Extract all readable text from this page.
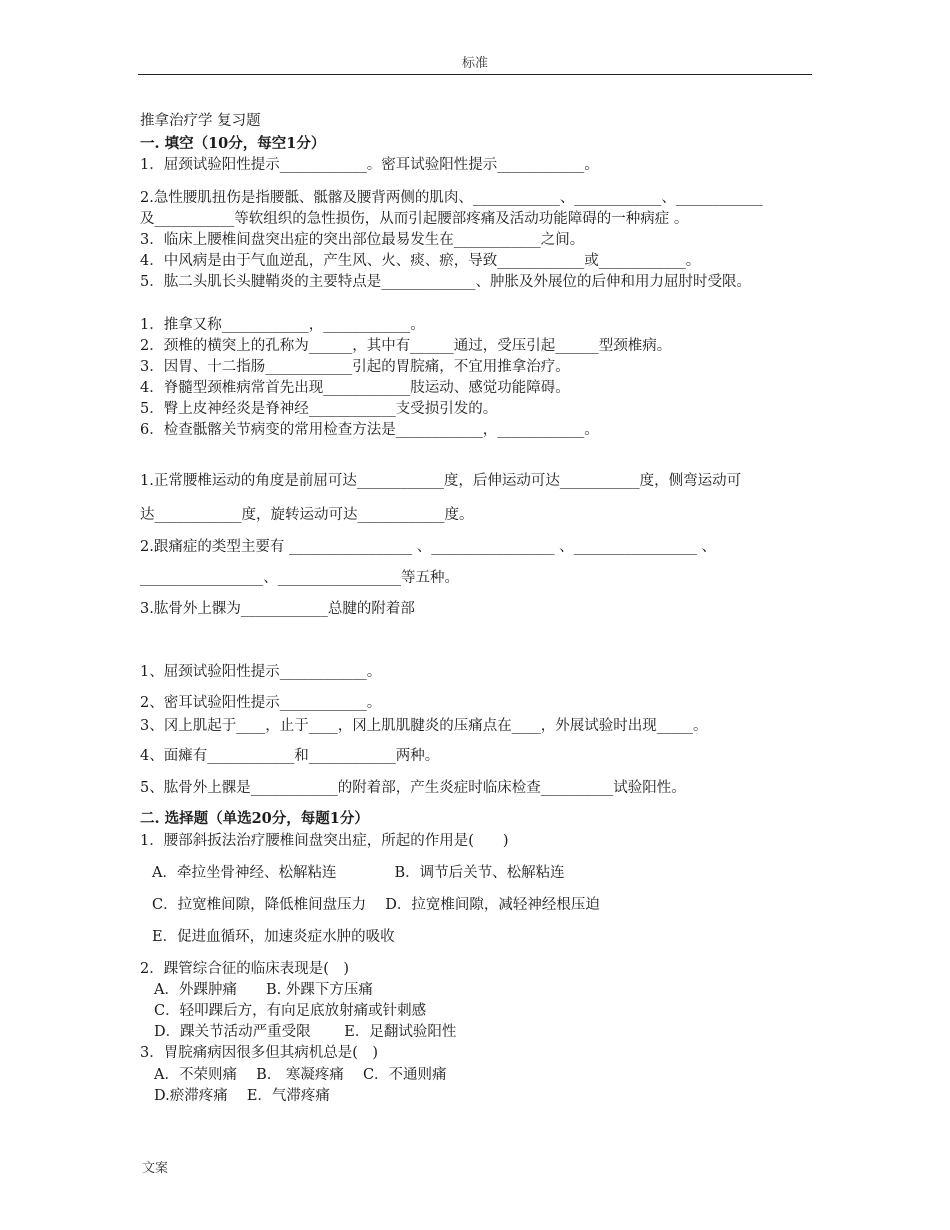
标准
推拿治疗学 复习题
一. 填空（10分，每空1分）
1．屈颈试验阳性提示____________。密耳试验阳性提示____________。
2.急性腰肌扭伤是指腰骶、骶髂及腰背两侧的肌肉、____________、____________、____________
及___________等软组织的急性损伤，从而引起腰部疼痛及活动功能障碍的一种病症 。
3．临床上腰椎间盘突出症的突出部位最易发生在____________之间。
4．中风病是由于气血逆乱，产生风、火、痰、瘀，导致____________或____________。
5．肱二头肌长头腱鞘炎的主要特点是_____________、肿胀及外展位的后伸和用力屈肘时受限。
1．推拿又称____________，____________。
2．颈椎的横突上的孔称为______，其中有______通过，受压引起______型颈椎病。
3．因胃、十二指肠____________引起的胃脘痛，不宜用推拿治疗。
4．脊髓型颈椎病常首先出现____________肢运动、感觉功能障碍。
5．臀上皮神经炎是脊神经____________支受损引发的。
6．检查骶髂关节病变的常用检查方法是____________，____________。
1.正常腰椎运动的角度是前屈可达____________度，后伸运动可达___________度，侧弯运动可
达____________度，旋转运动可达____________度。
2.跟痛症的类型主要有 _________________ 、_________________ 、_________________ 、
_________________、_________________等五种。
3.肱骨外上髁为____________总腱的附着部
1、屈颈试验阳性提示____________。
2、密耳试验阳性提示____________。
3、冈上肌起于____，止于____，冈上肌肌腱炎的压痛点在____，外展试验时出现_____。
4、面瘫有____________和____________两种。
5、肱骨外上髁是____________的附着部，产生炎症时临床检查__________试验阳性。
二. 选择题（单选20分，每题1分）
1．腰部斜扳法治疗腰椎间盘突出症，所起的作用是(　　)
A．牵拉坐骨神经、松解粘连　　　　B．调节后关节、松解粘连
C．拉宽椎间隙，降低椎间盘压力　 D．拉宽椎间隙，减轻神经根压迫
E．促进血循环，加速炎症水肿的吸收
2．踝管综合征的临床表现是(　)
A．外踝肿痛　　B. 外踝下方压痛
C．轻叩踝后方，有向足底放射痛或针刺感
D．踝关节活动严重受限　　 E．足翻试验阳性
3．胃脘痛病因很多但其病机总是(　)
A．不荣则痛　 B.　寒凝疼痛　 C．不通则痛
D.瘀滞疼痛　 E．气滞疼痛
文案
